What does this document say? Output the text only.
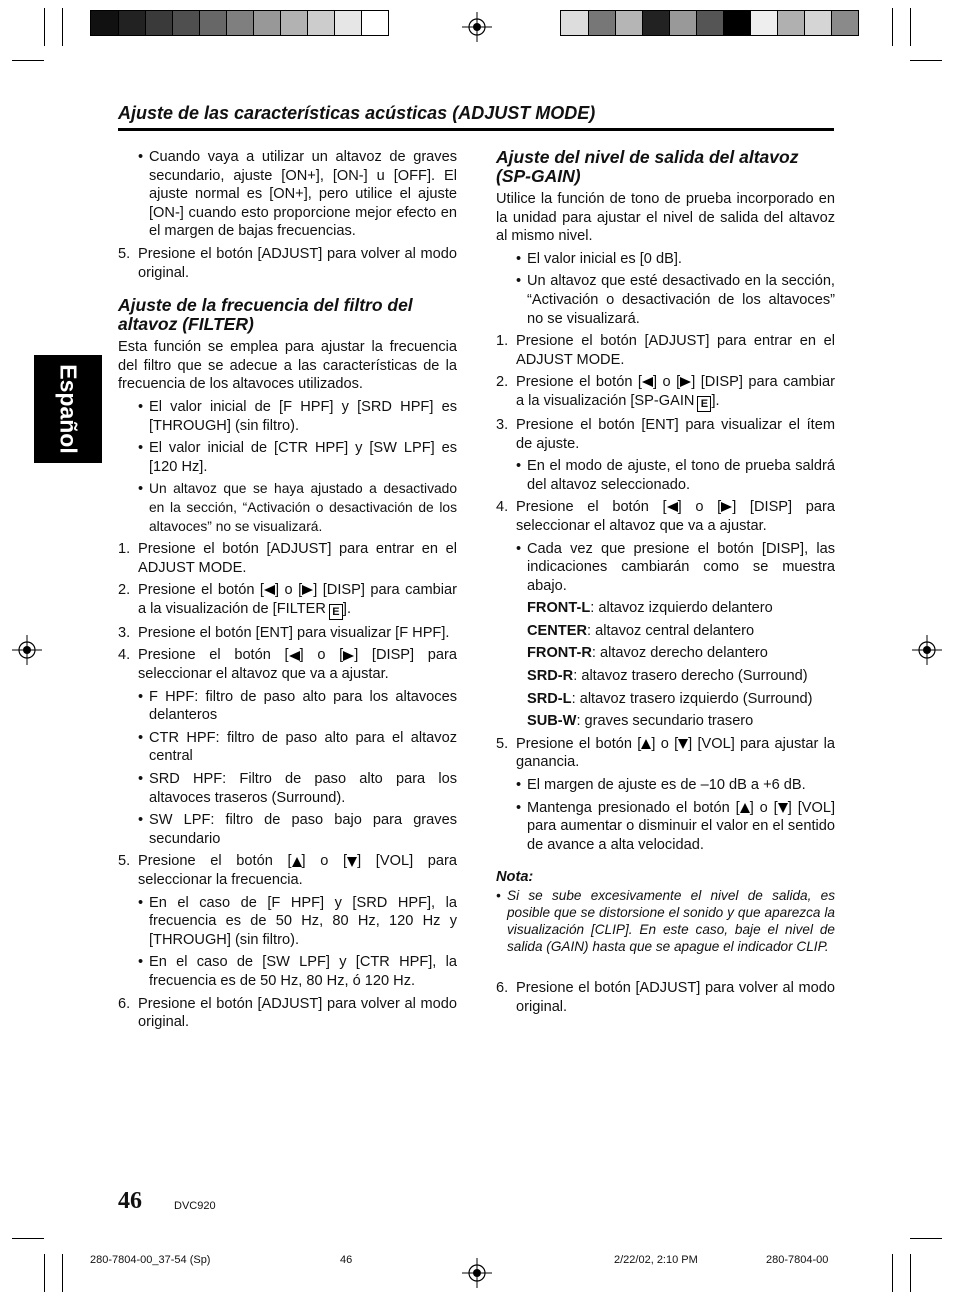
Ajuste de las características acústicas (ADJUST MODE)
Español
• Cuando vaya a utilizar un altavoz de graves secundario, ajuste [ON+], [ON-] u [OFF]. El ajuste normal es [ON+], pero utilice el ajuste [ON-] cuando esto proporcione mejor efecto en el margen de bajas frecuencias.
5. Presione el botón [ADJUST] para volver al modo original.
Ajuste de la frecuencia del filtro del altavoz (FILTER)

Esta función se emplea para ajustar la frecuencia del filtro que se adecue a las características de la frecuencia de los altavoces utilizados.

• El valor inicial de [F HPF] y [SRD HPF] es [THROUGH] (sin filtro).
• El valor inicial de [CTR HPF] y [SW LPF] es [120 Hz].
• Un altavoz que se haya ajustado a desactivado en la sección, “Activación o desactivación de los altavoces” no se visualizará.
1. Presione el botón [ADJUST] para entrar en el ADJUST MODE.
2. Presione el botón [ ] o [ ] [DISP] para cambiar a la visualización de [FILTER E ].
3. Presione el botón [ENT] para visualizar [F HPF].
4. Presione el botón [ ] o [ ] [DISP] para seleccionar el altavoz que va a ajustar.
• F HPF: filtro de paso alto para los altavoces delanteros
• CTR HPF: filtro de paso alto para el altavoz central
• SRD HPF: Filtro de paso alto para los altavoces traseros (Surround).
• SW LPF: filtro de paso bajo para graves secundario
5. Presione el botón [ ] o [ ] [VOL] para seleccionar la frecuencia.
• En el caso de [F HPF] y [SRD HPF], la frecuencia es de 50 Hz, 80 Hz, 120 Hz y [THROUGH] (sin filtro).
• En el caso de [SW LPF] y [CTR HPF], la frecuencia es de 50 Hz, 80 Hz, ó 120 Hz.
6. Presione el botón [ADJUST] para volver al modo original.
Ajuste del nivel de salida del altavoz (SP-GAIN)

Utilice la función de tono de prueba incorporado en la unidad para ajustar el nivel de salida del altavoz al mismo nivel.

• El valor inicial es [0 dB].
• Un altavoz que esté desactivado en la sección, “Activación o desactivación de los altavoces” no se visualizará.
1. Presione el botón [ADJUST] para entrar en el ADJUST MODE.
2. Presione el botón [ ] o [ ] [DISP] para cambiar a la visualización [SP-GAIN E ].
3. Presione el botón [ENT] para visualizar el ítem de ajuste.
• En el modo de ajuste, el tono de prueba saldrá del altavoz seleccionado.
4. Presione el botón [ ] o [ ] [DISP] para seleccionar el altavoz que va a ajustar.
• Cada vez que presione el botón [DISP], las indicaciones cambiarán como se muestra abajo.
FRONT-L: altavoz izquierdo delantero
CENTER: altavoz central delantero
FRONT-R: altavoz derecho delantero
SRD-R: altavoz trasero derecho (Surround)
SRD-L: altavoz trasero izquierdo (Surround)
SUB-W: graves secundario trasero
5. Presione el botón [ ] o [ ] [VOL] para ajustar la ganancia.
• El margen de ajuste es de –10 dB a +6 dB.
• Mantenga presionado el botón [ ] o [ ] [VOL] para aumentar o disminuir el valor en el sentido de avance a alta velocidad.
Nota:
• Si se sube excesivamente el nivel de salida, es posible que se distorsione el sonido y que aparezca la visualización [CLIP]. En este caso, baje el nivel de salida (GAIN) hasta que se apague el indicador CLIP.
6. Presione el botón [ADJUST] para volver al modo original.
46	DVC920
280-7804-00_37-54 (Sp)	46	2/22/02, 2:10 PM	280-7804-00
